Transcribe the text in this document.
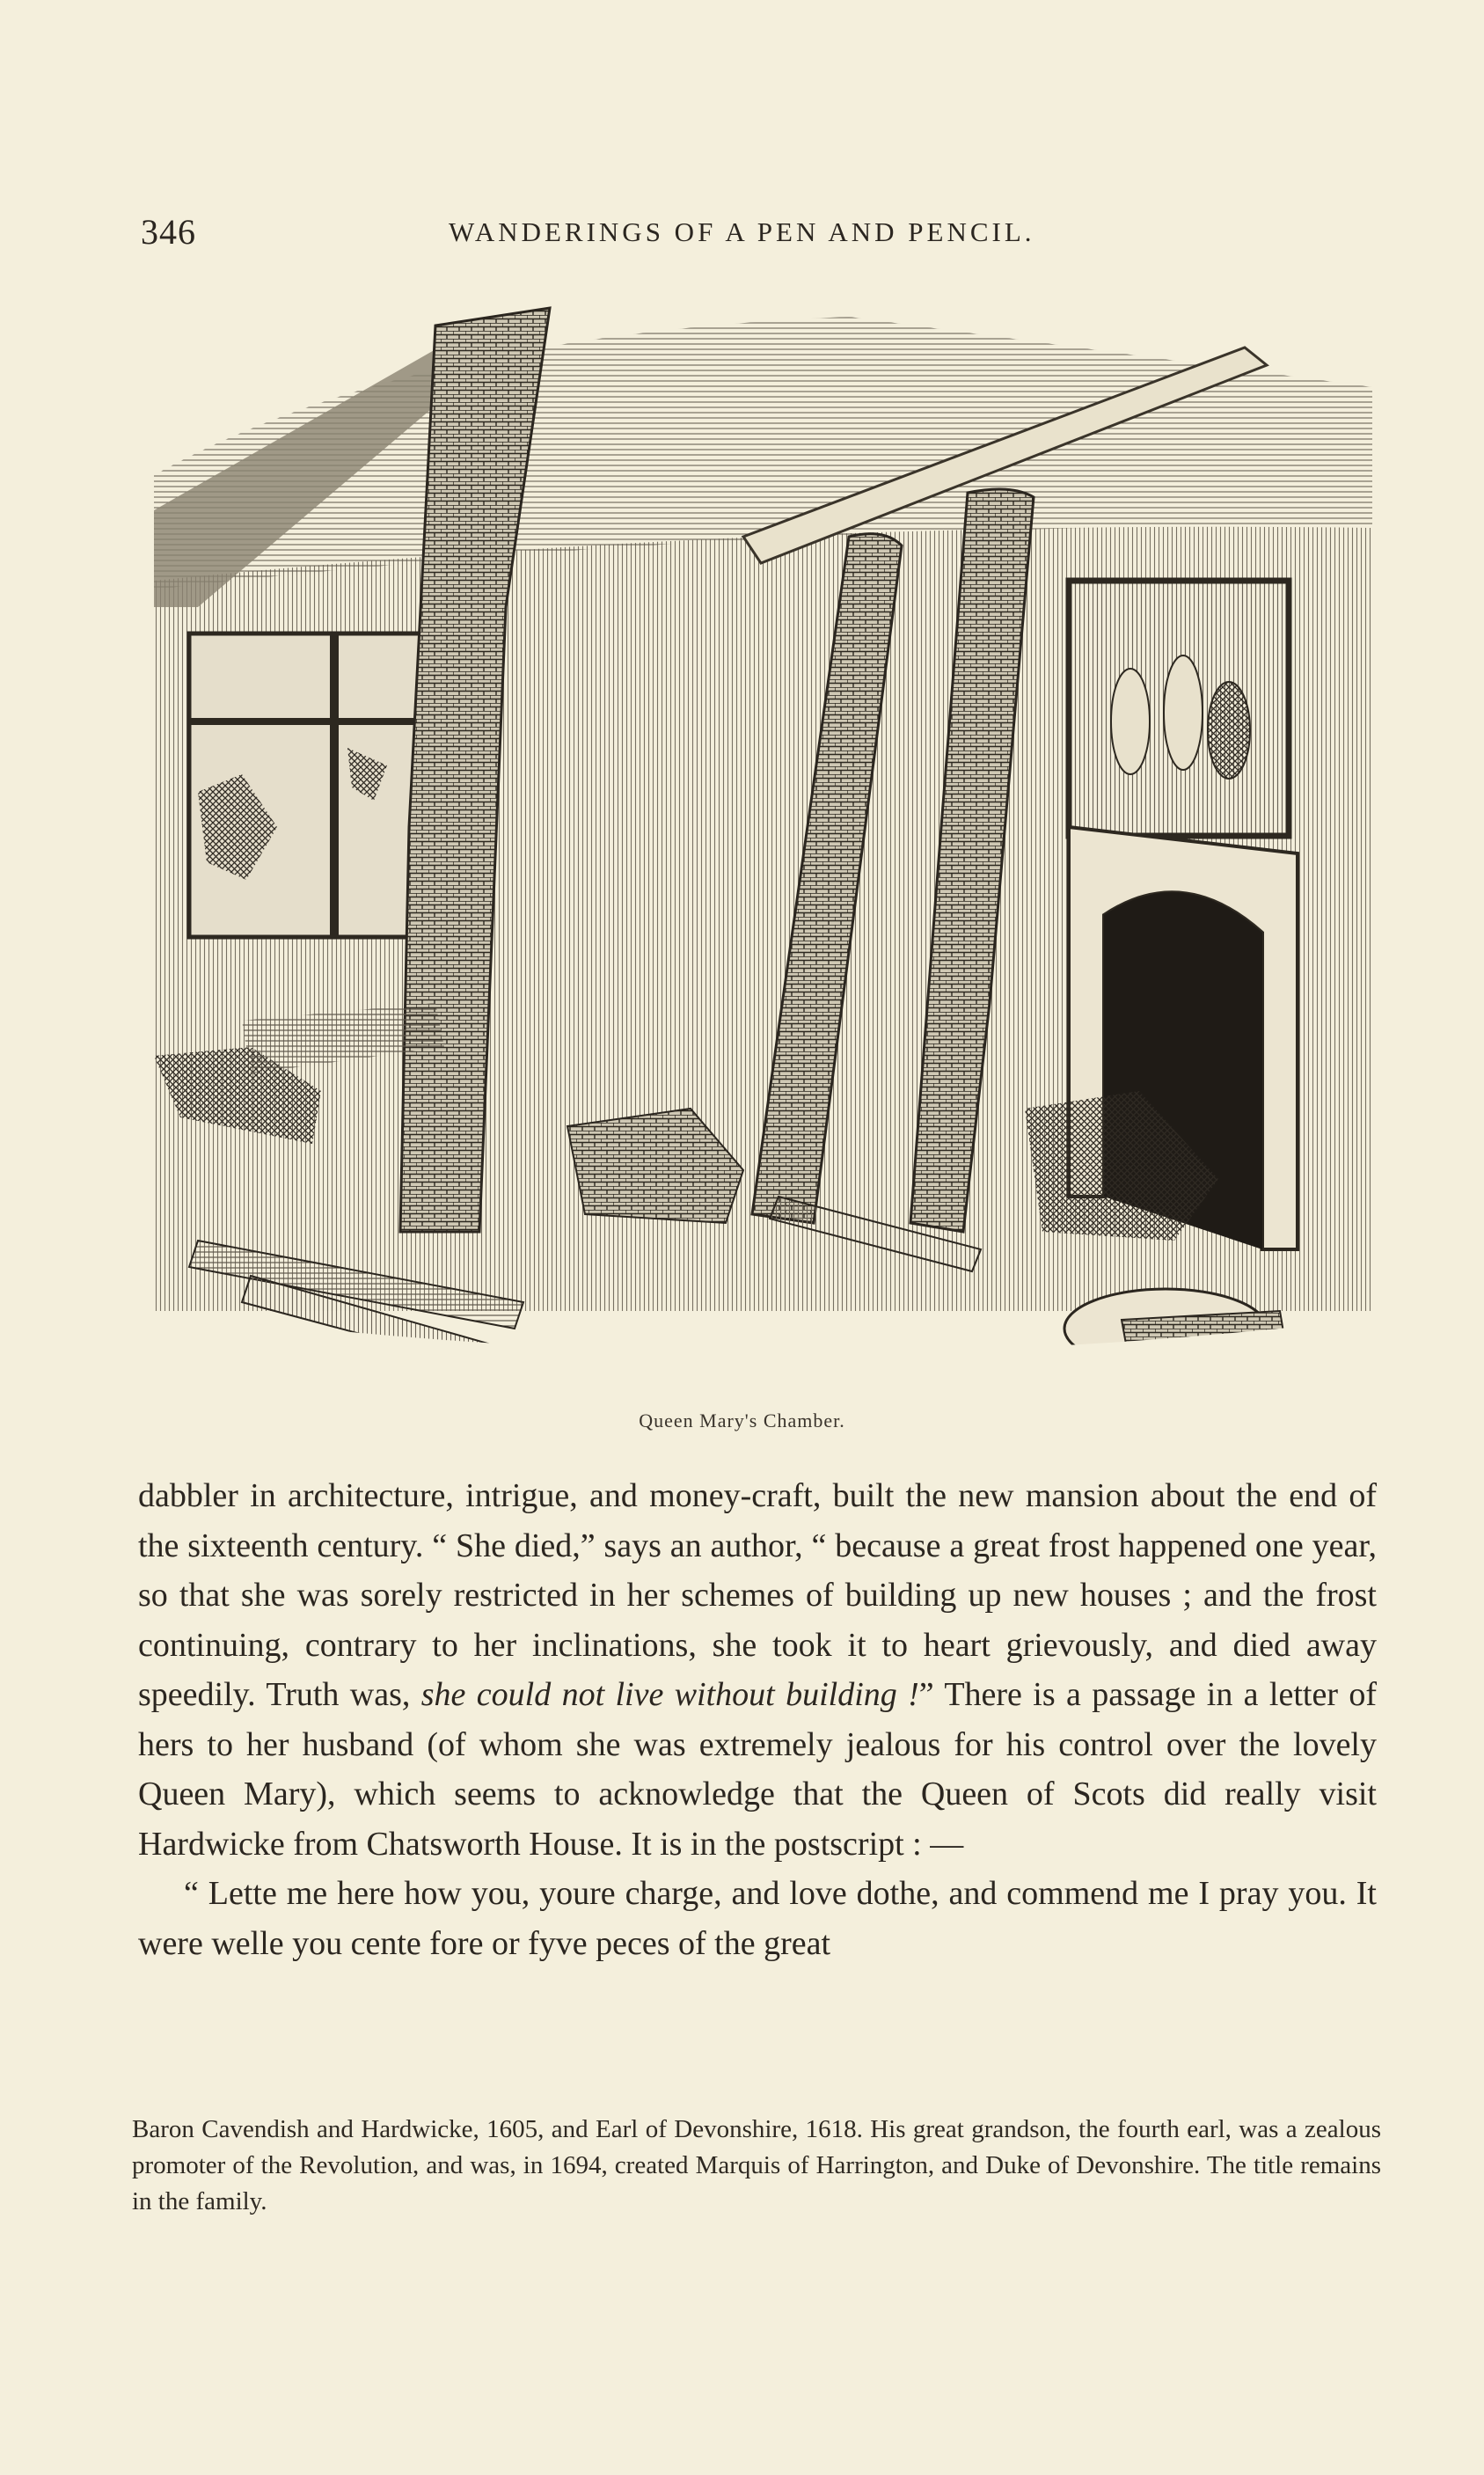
346	WANDERINGS OF A PEN AND PENCIL.
Queen Mary's Chamber.

dabbler in architecture, intrigue, and money-craft, built the new mansion about the end of the sixteenth century. “ She died,” says an author, “ because a great frost happened one year, so that she was sorely restricted in her schemes of building up new houses ; and the frost continuing, contrary to her inclinations, she took it to heart grievously, and died away speedily. Truth was, she could not live without building !” There is a passage in a letter of hers to her husband (of whom she was extremely jealous for his control over the lovely Queen Mary), which seems to acknowledge that the Queen of Scots did really visit Hardwicke from Chatsworth House. It is in the postscript : —

“ Lette me here how you, youre charge, and love dothe, and commend me I pray you. It were welle you cente fore or fyve peces of the great

Baron Cavendish and Hardwicke, 1605, and Earl of Devonshire, 1618. His great grandson, the fourth earl, was a zealous promoter of the Revolution, and was, in 1694, created Marquis of Harrington, and Duke of Devonshire. The title remains in the family.
